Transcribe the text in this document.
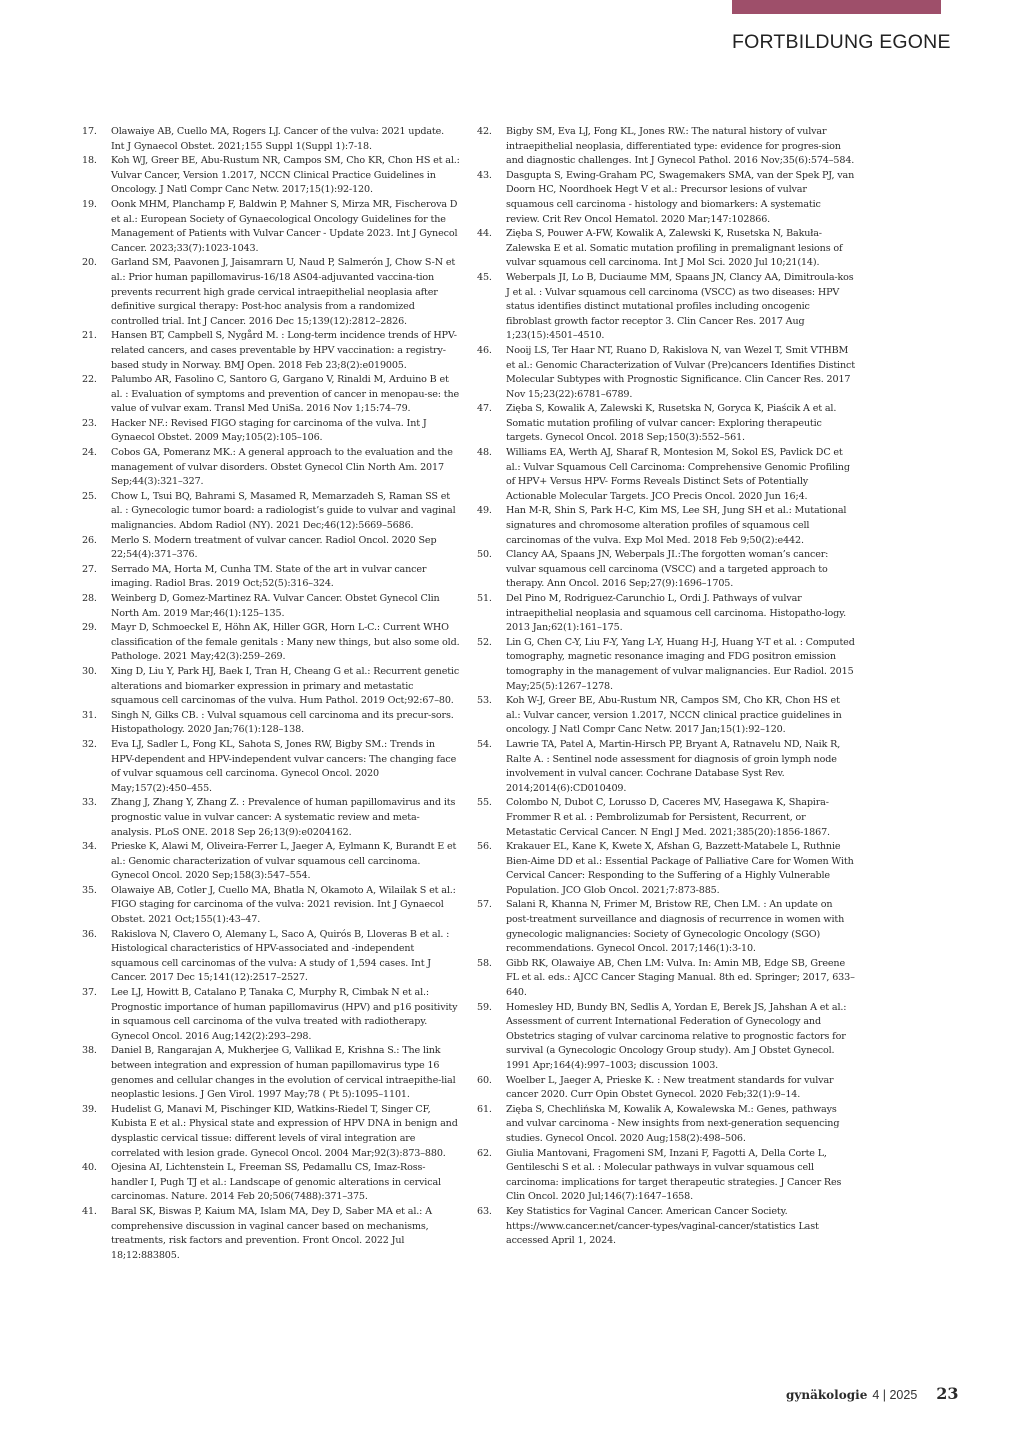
FORTBILDUNG EGONE
17.	Olawaiye AB, Cuello MA, Rogers LJ. Cancer of the vulva: 2021 update. Int J Gynaecol Obstet. 2021;155 Suppl 1(Suppl 1):7-18.
18.	Koh WJ, Greer BE, Abu-Rustum NR, Campos SM, Cho KR, Chon HS et al.: Vulvar Cancer, Version 1.2017, NCCN Clinical Practice Guidelines in Oncology. J Natl Compr Canc Netw. 2017;15(1):92-120.
19.	Oonk MHM, Planchamp F, Baldwin P, Mahner S, Mirza MR, Fischerova D et al.: European Society of Gynaecological Oncology Guidelines for the Management of Patients with Vulvar Cancer - Update 2023. Int J Gynecol Cancer. 2023;33(7):1023-1043.
20.	Garland SM, Paavonen J, Jaisamrarn U, Naud P, Salmerón J, Chow S-N et al.: Prior human papillomavirus-16/18 AS04-adjuvanted vaccina-tion prevents recurrent high grade cervical intraepithelial neoplasia after definitive surgical therapy: Post-hoc analysis from a randomized controlled trial. Int J Cancer. 2016 Dec 15;139(12):2812–2826.
21.	Hansen BT, Campbell S, Nygård M. : Long-term incidence trends of HPV-related cancers, and cases preventable by HPV vaccination: a registry-based study in Norway. BMJ Open. 2018 Feb 23;8(2):e019005.
22.	Palumbo AR, Fasolino C, Santoro G, Gargano V, Rinaldi M, Arduino B et al. : Evaluation of symptoms and prevention of cancer in menopau-se: the value of vulvar exam. Transl Med UniSa. 2016 Nov 1;15:74–79.
23.	Hacker NF.: Revised FIGO staging for carcinoma of the vulva. Int J Gynaecol Obstet. 2009 May;105(2):105–106.
24.	Cobos GA, Pomeranz MK.: A general approach to the evaluation and the management of vulvar disorders. Obstet Gynecol Clin North Am. 2017 Sep;44(3):321–327.
25.	Chow L, Tsui BQ, Bahrami S, Masamed R, Memarzadeh S, Raman SS et al. : Gynecologic tumor board: a radiologist’s guide to vulvar and vaginal malignancies. Abdom Radiol (NY). 2021 Dec;46(12):5669–5686.
26.	Merlo S. Modern treatment of vulvar cancer. Radiol Oncol. 2020 Sep 22;54(4):371–376.
27.	Serrado MA, Horta M, Cunha TM. State of the art in vulvar cancer imaging. Radiol Bras. 2019 Oct;52(5):316–324.
28.	Weinberg D, Gomez-Martinez RA. Vulvar Cancer. Obstet Gynecol Clin North Am. 2019 Mar;46(1):125–135.
29.	Mayr D, Schmoeckel E, Höhn AK, Hiller GGR, Horn L-C.: Current WHO classification of the female genitals : Many new things, but also some old. Pathologe. 2021 May;42(3):259–269.
30.	Xing D, Liu Y, Park HJ, Baek I, Tran H, Cheang G et al.: Recurrent genetic alterations and biomarker expression in primary and metastatic squamous cell carcinomas of the vulva. Hum Pathol. 2019 Oct;92:67–80.
31.	Singh N, Gilks CB. : Vulval squamous cell carcinoma and its precur-sors. Histopathology. 2020 Jan;76(1):128–138.
32.	Eva LJ, Sadler L, Fong KL, Sahota S, Jones RW, Bigby SM.: Trends in HPV-dependent and HPV-independent vulvar cancers: The changing face of vulvar squamous cell carcinoma. Gynecol Oncol. 2020 May;157(2):450–455.
33.	Zhang J, Zhang Y, Zhang Z. : Prevalence of human papillomavirus and its prognostic value in vulvar cancer: A systematic review and meta-analysis. PLoS ONE. 2018 Sep 26;13(9):e0204162.
34.	Prieske K, Alawi M, Oliveira-Ferrer L, Jaeger A, Eylmann K, Burandt E et al.: Genomic characterization of vulvar squamous cell carcinoma. Gynecol Oncol. 2020 Sep;158(3):547–554.
35.	Olawaiye AB, Cotler J, Cuello MA, Bhatla N, Okamoto A, Wilailak S et al.: FIGO staging for carcinoma of the vulva: 2021 revision. Int J Gynaecol Obstet. 2021 Oct;155(1):43–47.
36.	Rakislova N, Clavero O, Alemany L, Saco A, Quirós B, Lloveras B et al. : Histological characteristics of HPV-associated and -independent squamous cell carcinomas of the vulva: A study of 1,594 cases. Int J Cancer. 2017 Dec 15;141(12):2517–2527.
37.	Lee LJ, Howitt B, Catalano P, Tanaka C, Murphy R, Cimbak N et al.: Prognostic importance of human papillomavirus (HPV) and p16 positivity in squamous cell carcinoma of the vulva treated with radiotherapy. Gynecol Oncol. 2016 Aug;142(2):293–298.
38.	Daniel B, Rangarajan A, Mukherjee G, Vallikad E, Krishna S.: The link between integration and expression of human papillomavirus type 16 genomes and cellular changes in the evolution of cervical intraepithe-lial neoplastic lesions. J Gen Virol. 1997 May;78 ( Pt 5):1095–1101.
39.	Hudelist G, Manavi M, Pischinger KID, Watkins-Riedel T, Singer CF, Kubista E et al.: Physical state and expression of HPV DNA in benign and dysplastic cervical tissue: different levels of viral integration are correlated with lesion grade. Gynecol Oncol. 2004 Mar;92(3):873–880.
40.	Ojesina AI, Lichtenstein L, Freeman SS, Pedamallu CS, Imaz-Ross-handler I, Pugh TJ et al.: Landscape of genomic alterations in cervical carcinomas. Nature. 2014 Feb 20;506(7488):371–375.
41.	Baral SK, Biswas P, Kaium MA, Islam MA, Dey D, Saber MA et al.: A comprehensive discussion in vaginal cancer based on mechanisms, treatments, risk factors and prevention. Front Oncol. 2022 Jul 18;12:883805.
42.	Bigby SM, Eva LJ, Fong KL, Jones RW.: The natural history of vulvar intraepithelial neoplasia, differentiated type: evidence for progres-sion and diagnostic challenges. Int J Gynecol Pathol. 2016 Nov;35(6):574–584.
43.	Dasgupta S, Ewing-Graham PC, Swagemakers SMA, van der Spek PJ, van Doorn HC, Noordhoek Hegt V et al.: Precursor lesions of vulvar squamous cell carcinoma - histology and biomarkers: A systematic review. Crit Rev Oncol Hematol. 2020 Mar;147:102866.
44.	Zięba S, Pouwer A-FW, Kowalik A, Zalewski K, Rusetska N, Bakuła-Zalewska E et al. Somatic mutation profiling in premalignant lesions of vulvar squamous cell carcinoma. Int J Mol Sci. 2020 Jul 10;21(14).
45.	Weberpals JI, Lo B, Duciaume MM, Spaans JN, Clancy AA, Dimitroula-kos J et al. : Vulvar squamous cell carcinoma (VSCC) as two diseases: HPV status identifies distinct mutational profiles including oncogenic fibroblast growth factor receptor 3. Clin Cancer Res. 2017 Aug 1;23(15):4501–4510.
46.	Nooij LS, Ter Haar NT, Ruano D, Rakislova N, van Wezel T, Smit VTHBM et al.: Genomic Characterization of Vulvar (Pre)cancers Identifies Distinct Molecular Subtypes with Prognostic Significance. Clin Cancer Res. 2017 Nov 15;23(22):6781–6789.
47.	Zięba S, Kowalik A, Zalewski K, Rusetska N, Goryca K, Piaścik A et al. Somatic mutation profiling of vulvar cancer: Exploring therapeutic targets. Gynecol Oncol. 2018 Sep;150(3):552–561.
48.	Williams EA, Werth AJ, Sharaf R, Montesion M, Sokol ES, Pavlick DC et al.: Vulvar Squamous Cell Carcinoma: Comprehensive Genomic Profiling of HPV+ Versus HPV- Forms Reveals Distinct Sets of Potentially Actionable Molecular Targets. JCO Precis Oncol. 2020 Jun 16;4.
49.	Han M-R, Shin S, Park H-C, Kim MS, Lee SH, Jung SH et al.: Mutational signatures and chromosome alteration profiles of squamous cell carcinomas of the vulva. Exp Mol Med. 2018 Feb 9;50(2):e442.
50.	Clancy AA, Spaans JN, Weberpals JI.:The forgotten woman’s cancer: vulvar squamous cell carcinoma (VSCC) and a targeted approach to therapy. Ann Oncol. 2016 Sep;27(9):1696–1705.
51.	Del Pino M, Rodriguez-Carunchio L, Ordi J. Pathways of vulvar intraepithelial neoplasia and squamous cell carcinoma. Histopatho-logy. 2013 Jan;62(1):161–175.
52.	Lin G, Chen C-Y, Liu F-Y, Yang L-Y, Huang H-J, Huang Y-T et al. : Computed tomography, magnetic resonance imaging and FDG positron emission tomography in the management of vulvar malignancies. Eur Radiol. 2015 May;25(5):1267–1278.
53.	Koh W-J, Greer BE, Abu-Rustum NR, Campos SM, Cho KR, Chon HS et al.: Vulvar cancer, version 1.2017, NCCN clinical practice guidelines in oncology. J Natl Compr Canc Netw. 2017 Jan;15(1):92–120.
54.	Lawrie TA, Patel A, Martin-Hirsch PP, Bryant A, Ratnavelu ND, Naik R, Ralte A. : Sentinel node assessment for diagnosis of groin lymph node involvement in vulval cancer. Cochrane Database Syst Rev. 2014;2014(6):CD010409.
55.	Colombo N, Dubot C, Lorusso D, Caceres MV, Hasegawa K, Shapira-Frommer R et al. : Pembrolizumab for Persistent, Recurrent, or Metastatic Cervical Cancer. N Engl J Med. 2021;385(20):1856-1867.
56.	Krakauer EL, Kane K, Kwete X, Afshan G, Bazzett-Matabele L, Ruthnie Bien-Aime DD et al.: Essential Package of Palliative Care for Women With Cervical Cancer: Responding to the Suffering of a Highly Vulnerable Population. JCO Glob Oncol. 2021;7:873-885.
57.	Salani R, Khanna N, Frimer M, Bristow RE, Chen LM. : An update on post-treatment surveillance and diagnosis of recurrence in women with gynecologic malignancies: Society of Gynecologic Oncology (SGO) recommendations. Gynecol Oncol. 2017;146(1):3-10.
58.	Gibb RK, Olawaiye AB, Chen LM: Vulva. In: Amin MB, Edge SB, Greene FL et al. eds.: AJCC Cancer Staging Manual. 8th ed. Springer; 2017, 633–640.
59.	Homesley HD, Bundy BN, Sedlis A, Yordan E, Berek JS, Jahshan A et al.: Assessment of current International Federation of Gynecology and Obstetrics staging of vulvar carcinoma relative to prognostic factors for survival (a Gynecologic Oncology Group study). Am J Obstet Gynecol. 1991 Apr;164(4):997–1003; discussion 1003.
60.	Woelber L, Jaeger A, Prieske K. : New treatment standards for vulvar cancer 2020. Curr Opin Obstet Gynecol. 2020 Feb;32(1):9–14.
61.	Zięba S, Chechlińska M, Kowalik A, Kowalewska M.: Genes, pathways and vulvar carcinoma - New insights from next-generation sequencing studies. Gynecol Oncol. 2020 Aug;158(2):498–506.
62.	Giulia Mantovani, Fragomeni SM, Inzani F, Fagotti A, Della Corte L, Gentileschi S et al. : Molecular pathways in vulvar squamous cell carcinoma: implications for target therapeutic strategies. J Cancer Res Clin Oncol. 2020 Jul;146(7):1647–1658.
63.	Key Statistics for Vaginal Cancer. American Cancer Society. https://www.cancer.net/cancer-types/vaginal-cancer/statistics Last accessed April 1, 2024.
gynäkologie 4 | 2025 23
